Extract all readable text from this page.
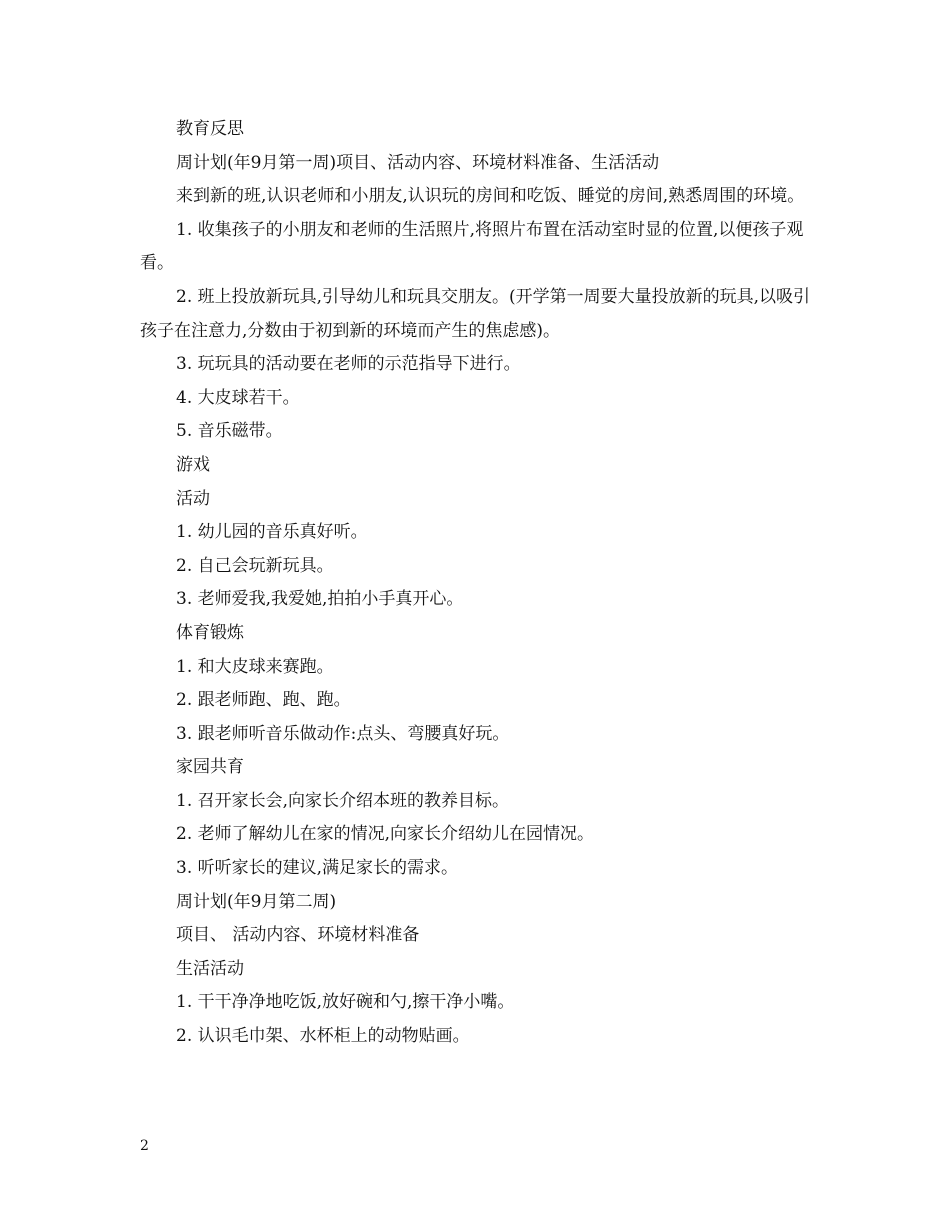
教育反思

周计划(年9月第一周)项目、活动内容、环境材料准备、生活活动

来到新的班,认识老师和小朋友,认识玩的房间和吃饭、睡觉的房间,熟悉周围的环境。

1. 收集孩子的小朋友和老师的生活照片,将照片布置在活动室时显的位置,以便孩子观看。

2. 班上投放新玩具,引导幼儿和玩具交朋友。(开学第一周要大量投放新的玩具,以吸引孩子在注意力,分数由于初到新的环境而产生的焦虑感)。

3. 玩玩具的活动要在老师的示范指导下进行。

4. 大皮球若干。

5. 音乐磁带。

游戏

活动

1. 幼儿园的音乐真好听。

2. 自己会玩新玩具。

3. 老师爱我,我爱她,拍拍小手真开心。

体育锻炼

1. 和大皮球来赛跑。

2. 跟老师跑、跑、跑。

3. 跟老师听音乐做动作:点头、弯腰真好玩。

家园共育

1. 召开家长会,向家长介绍本班的教养目标。

2. 老师了解幼儿在家的情况,向家长介绍幼儿在园情况。

3. 听听家长的建议,满足家长的需求。

周计划(年9月第二周)

项目、 活动内容、环境材料准备

生活活动

1. 干干净净地吃饭,放好碗和勺,擦干净小嘴。

2. 认识毛巾架、水杯柜上的动物贴画。

2
